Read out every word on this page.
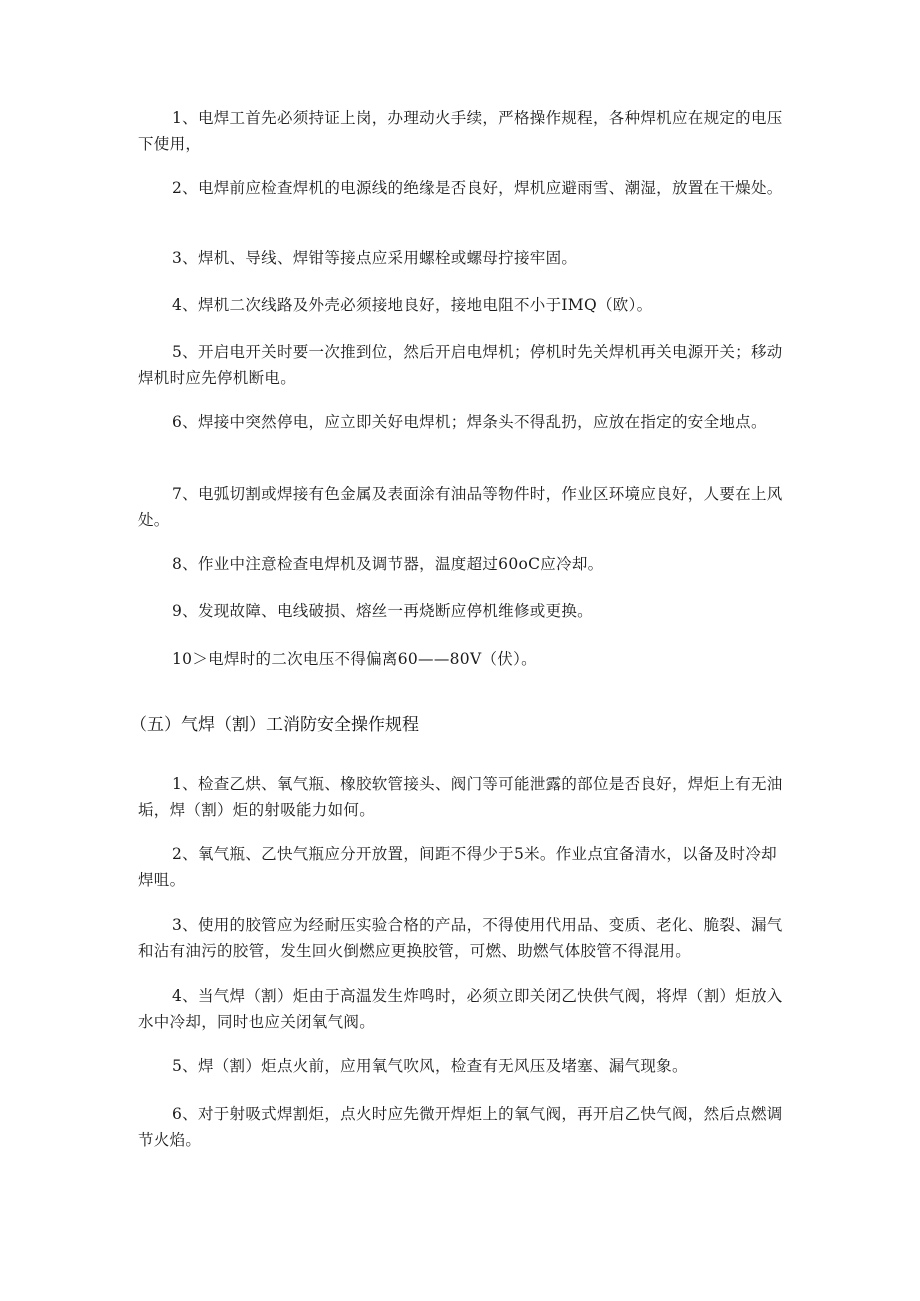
1、电焊工首先必须持证上岗，办理动火手续，严格操作规程，各种焊机应在规定的电压下使用，

2、电焊前应检查焊机的电源线的绝缘是否良好，焊机应避雨雪、潮湿，放置在干燥处。

3、焊机、导线、焊钳等接点应采用螺栓或螺母拧接牢固。

4、焊机二次线路及外壳必须接地良好，接地电阻不小于IMQ（欧）。

5、开启电开关时要一次推到位，然后开启电焊机；停机时先关焊机再关电源开关；移动焊机时应先停机断电。

6、焊接中突然停电，应立即关好电焊机；焊条头不得乱扔，应放在指定的安全地点。

7、电弧切割或焊接有色金属及表面涂有油品等物件时，作业区环境应良好，人要在上风处。

8、作业中注意检查电焊机及调节器，温度超过60oC应冷却。

9、发现故障、电线破损、熔丝一再烧断应停机维修或更换。

10＞电焊时的二次电压不得偏离60——80V（伏）。

（五）气焊（割）工消防安全操作规程

1、检查乙烘、氧气瓶、橡胶软管接头、阀门等可能泄露的部位是否良好，焊炬上有无油垢，焊（割）炬的射吸能力如何。

2、氧气瓶、乙快气瓶应分开放置，间距不得少于5米。作业点宜备清水，以备及时冷却焊咀。

3、使用的胶管应为经耐压实验合格的产品，不得使用代用品、变质、老化、脆裂、漏气和沾有油污的胶管，发生回火倒燃应更换胶管，可燃、助燃气体胶管不得混用。

4、当气焊（割）炬由于高温发生炸鸣时，必须立即关闭乙快供气阀，将焊（割）炬放入水中冷却，同时也应关闭氧气阀。

5、焊（割）炬点火前，应用氧气吹风，检查有无风压及堵塞、漏气现象。

6、对于射吸式焊割炬，点火时应先微开焊炬上的氧气阀，再开启乙快气阀，然后点燃调节火焰。
